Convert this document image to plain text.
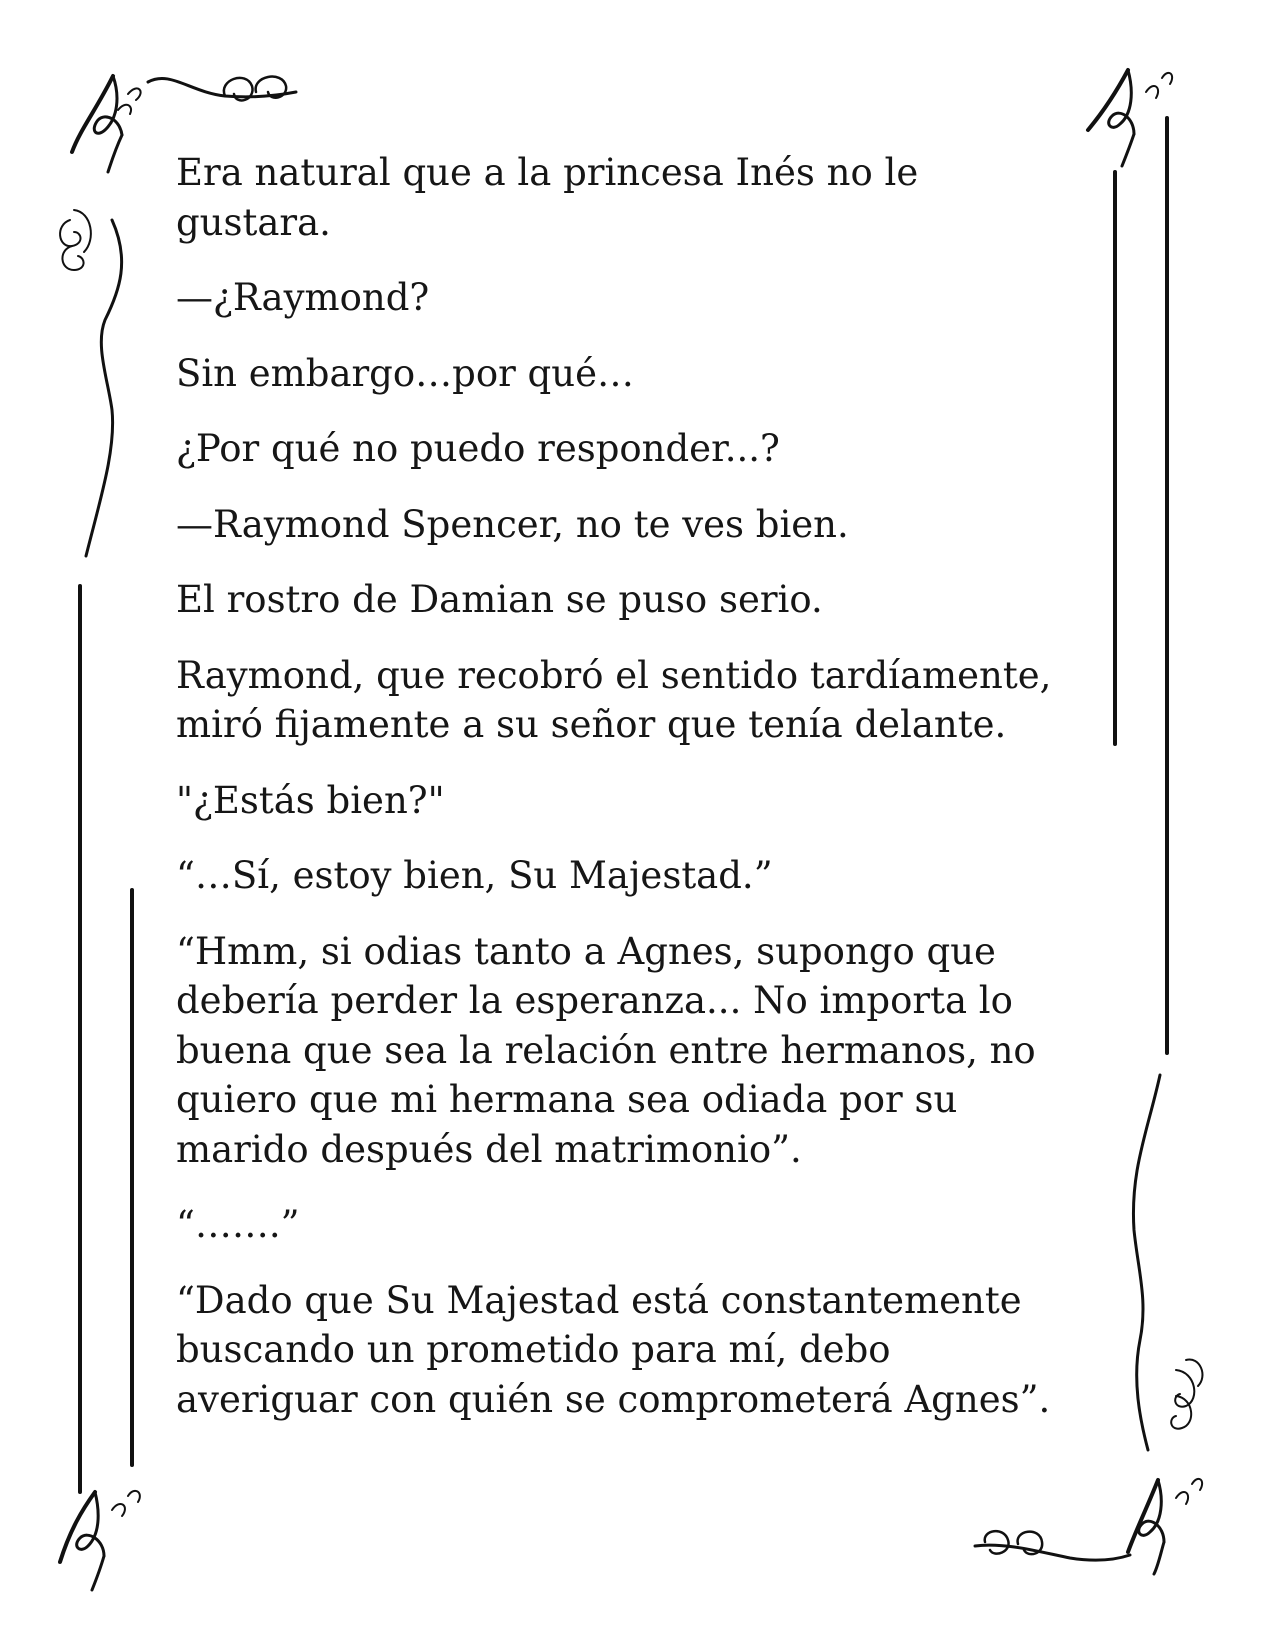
Era natural que a la princesa Inés no le
gustara.

—¿Raymond?

Sin embargo…por qué…

¿Por qué no puedo responder...?

—Raymond Spencer, no te ves bien.

El rostro de Damian se puso serio.

Raymond, que recobró el sentido tardíamente,
miró fijamente a su señor que tenía delante.

"¿Estás bien?"

“…Sí, estoy bien, Su Majestad.”

“Hmm, si odias tanto a Agnes, supongo que
debería perder la esperanza... No importa lo
buena que sea la relación entre hermanos, no
quiero que mi hermana sea odiada por su
marido después del matrimonio”.

“…….”

“Dado que Su Majestad está constantemente
buscando un prometido para mí, debo
averiguar con quién se comprometerá Agnes”.
